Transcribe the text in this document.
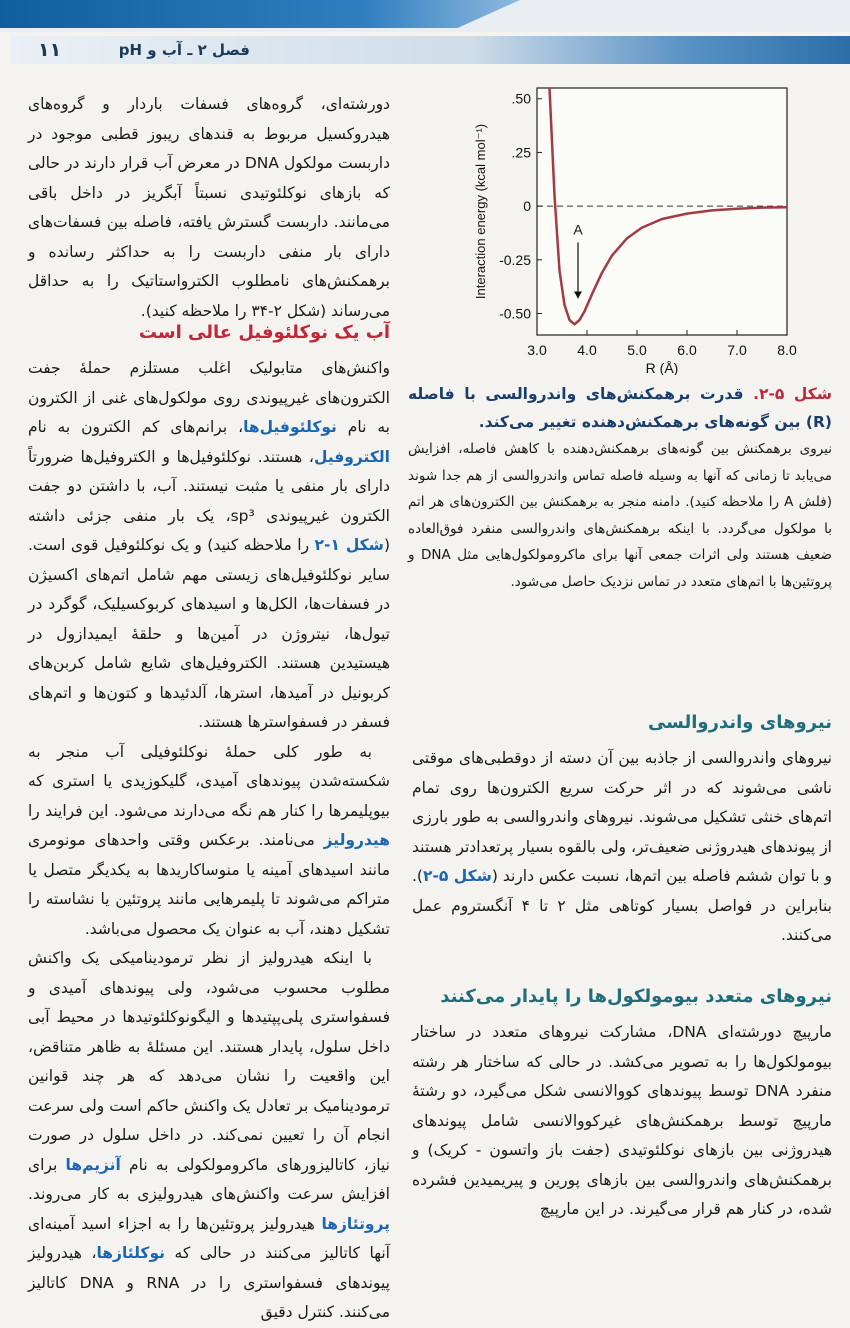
۱۱	فصل ۲ ـ آب و pH

دورشته‌ای، گروه‌های فسفات باردار و گروه‌های هیدروکسیل مربوط به قندهای ریبوز قطبی موجود در داربست مولکول DNA در معرض آب قرار دارند در حالی که بازهای نوکلئوتیدی نسبتاً آبگریز در داخل باقی می‌مانند. داربست گسترش یافته، فاصله بین فسفات‌های دارای بار منفی داربست را به حداکثر رسانده و برهمکنش‌های نامطلوب الکترواستاتیک را به حداقل می‌رساند (شکل ۲-۳۴ را ملاحظه کنید).

آب یک نوکلئوفیل عالی است

واکنش‌های متابولیک اغلب مستلزم حملهٔ جفت الکترون‌های غیرپیوندی روی مولکول‌های غنی از الکترون به نام نوکلئوفیل‌ها، برانم‌های کم الکترون به نام الکتروفیل، هستند. نوکلئوفیل‌ها و الکتروفیل‌ها ضرورتاً دارای بار منفی یا مثبت نیستند. آب، با داشتن دو جفت الکترون غیرپیوندی sp³، یک بار منفی جزئی داشته (شکل ۱-۲ را ملاحظه کنید) و یک نوکلئوفیل قوی است. سایر نوکلئوفیل‌های زیستی مهم شامل اتم‌های اکسیژن در فسفات‌ها، الکل‌ها و اسیدهای کربوکسیلیک، گوگرد در تیول‌ها، نیتروژن در آمین‌ها و حلقهٔ ایمیدازول در هیستیدین هستند. الکتروفیل‌های شایع شامل کربن‌های کربونیل در آمیدها، استرها، آلدئیدها و کتون‌ها و اتم‌های فسفر در فسفواسترها هستند.

به طور کلی حملهٔ نوکلئوفیلی آب منجر به شکسته‌شدن پیوندهای آمیدی، گلیکوزیدی یا استری که بیوپلیمرها را کنار هم نگه می‌دارند می‌شود. این فرایند را هیدرولیز می‌نامند. برعکس وقتی واحدهای مونومری مانند اسیدهای آمینه یا منوساکاریدها به یکدیگر متصل یا متراکم می‌شوند تا پلیمرهایی مانند پروتئین یا نشاسته را تشکیل دهند، آب به عنوان یک محصول می‌باشد.

با اینکه هیدرولیز از نظر ترمودینامیکی یک واکنش مطلوب محسوب می‌شود، ولی پیوندهای آمیدی و فسفواستری پلی‌پپتیدها و الیگونوکلئوتیدها در محیط آبی داخل سلول، پایدار هستند. این مسئلهٔ به ظاهر متناقض، این واقعیت را نشان می‌دهد که هر چند قوانین ترمودینامیک بر تعادل یک واکنش حاکم است ولی سرعت انجام آن را تعیین نمی‌کند. در داخل سلول در صورت نیاز، کاتالیزورهای ماکرومولکولی به نام آنزیم‌ها برای افزایش سرعت واکنش‌های هیدرولیزی به کار می‌روند. پروتئازها هیدرولیز پروتئین‌ها را به اجزاء اسید آمینه‌ای آنها کاتالیز می‌کنند در حالی که نوکلئازها، هیدرولیز پیوندهای فسفواستری را در RNA و DNA کاتالیز می‌کنند. کنترل دقیق

3.0 4.0 5.0 6.0 7.0 8.0
.50
.25
0
-0.25
-0.50
A
R (Å)
Interaction energy (kcal mol⁻¹)
شکل ۵-۲. قدرت برهمکنش‌های واندروالسی با فاصله (R) بین گونه‌های برهمکنش‌دهنده تغییر می‌کند.
نیروی برهمکنش بین گونه‌های برهمکنش‌دهنده با کاهش فاصله، افزایش می‌یابد تا زمانی که آنها به وسیله فاصله تماس واندروالسی از هم جدا شوند (فلش A را ملاحظه کنید). دامنه منجر به برهمکنش بین الکترون‌های هر اتم با مولکول می‌گردد. با اینکه برهمکنش‌های واندروالسی منفرد فوق‌العاده ضعیف هستند ولی اثرات جمعی آنها برای ماکرومولکول‌هایی مثل DNA و پروتئین‌ها با اتم‌های متعدد در تماس نزدیک حاصل می‌شود.
نیروهای واندروالسی

نیروهای واندروالسی از جاذبه بین آن دسته از دوقطبی‌های موقتی ناشی می‌شوند که در اثر حرکت سریع الکترون‌ها روی تمام اتم‌های خنثی تشکیل می‌شوند. نیروهای واندروالسی به طور بارزی از پیوندهای هیدروژنی ضعیف‌تر، ولی بالقوه بسیار پرتعدادتر هستند و با توان ششم فاصله بین اتم‌ها، نسبت عکس دارند (شکل ۵-۲). بنابراین در فواصل بسیار کوتاهی مثل ۲ تا ۴ آنگستروم عمل می‌کنند.

نیروهای متعدد بیومولکول‌ها را پایدار می‌کنند

مارپیچ دورشته‌ای DNA، مشارکت نیروهای متعدد در ساختار بیومولکول‌ها را به تصویر می‌کشد. در حالی که ساختار هر رشته منفرد DNA توسط پیوندهای کووالانسی شکل می‌گیرد، دو رشتهٔ مارپیچ توسط برهمکنش‌های غیرکووالانسی شامل پیوندهای هیدروژنی بین بازهای نوکلئوتیدی (جفت باز واتسون - کریک) و برهمکنش‌های واندروالسی بین بازهای پورین و پیریمیدین فشرده شده، در کنار هم قرار می‌گیرند. در این مارپیچ
